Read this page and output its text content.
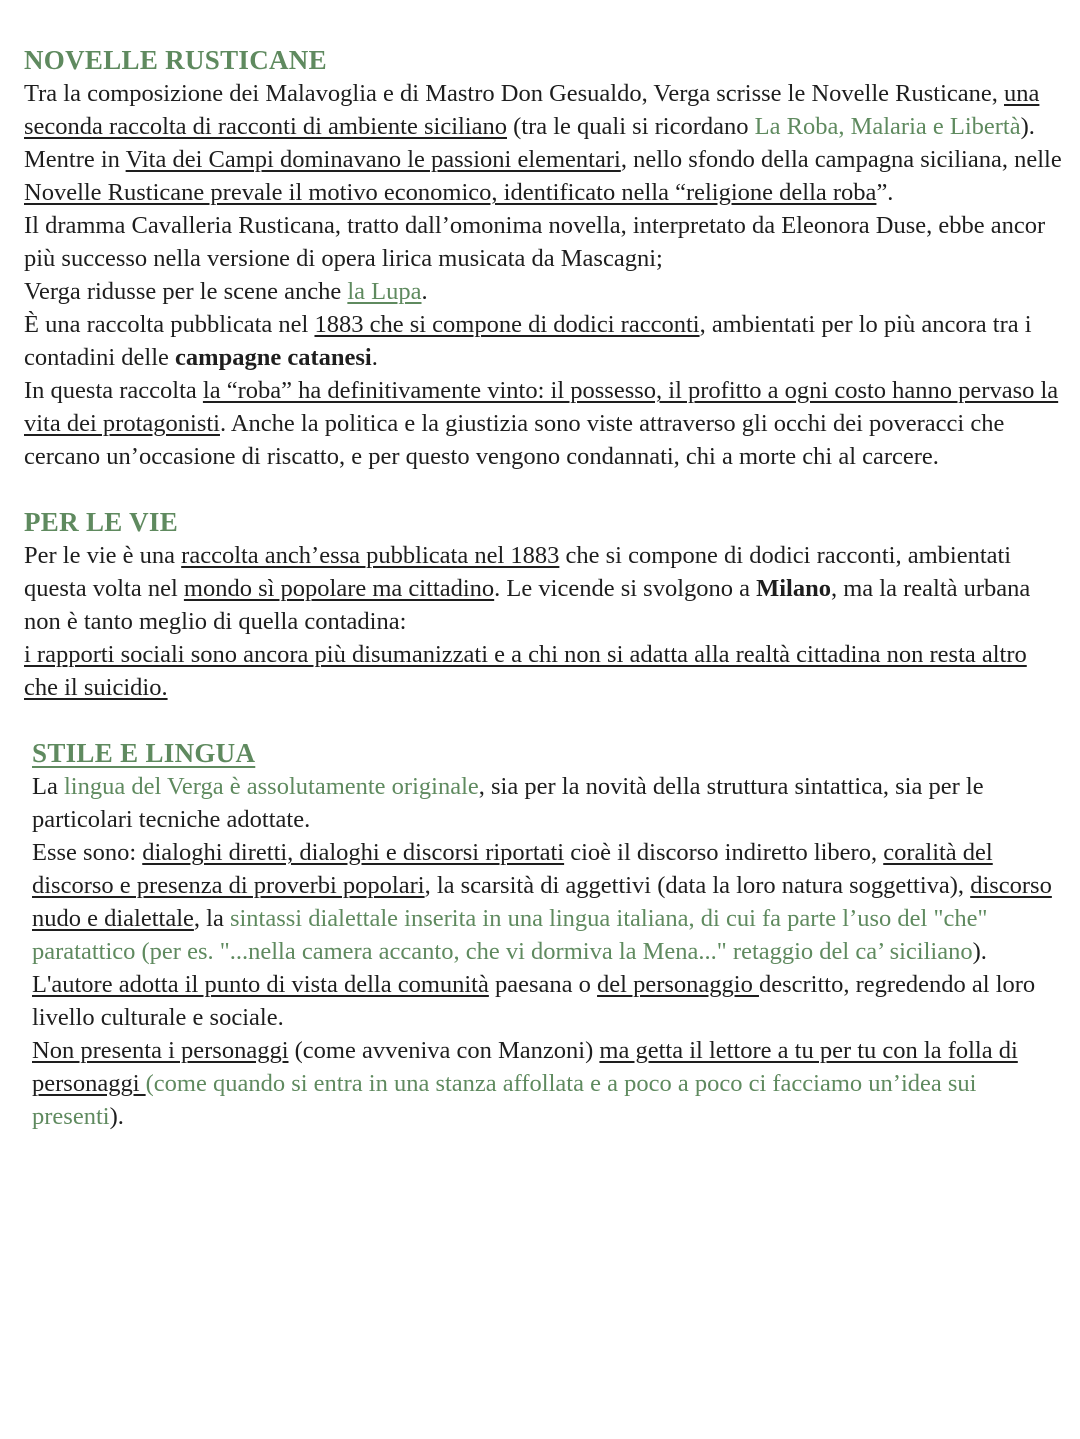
NOVELLE RUSTICANE
Tra la composizione dei Malavoglia e di Mastro Don Gesualdo, Verga scrisse le Novelle Rusticane, una seconda raccolta di racconti di ambiente siciliano (tra le quali si ricordano La Roba, Malaria e Libertà).
Mentre in Vita dei Campi dominavano le passioni elementari, nello sfondo della campagna siciliana, nelle Novelle Rusticane prevale il motivo economico, identificato nella “religione della roba”.
Il dramma Cavalleria Rusticana, tratto dall’omonima novella, interpretato da Eleonora Duse, ebbe ancor più successo nella versione di opera lirica musicata da Mascagni;
Verga ridusse per le scene anche la Lupa.
È una raccolta pubblicata nel 1883 che si compone di dodici racconti, ambientati per lo più ancora tra i contadini delle campagne catanesi.
In questa raccolta la “roba” ha definitivamente vinto: il possesso, il profitto a ogni costo hanno pervaso la vita dei protagonisti. Anche la politica e la giustizia sono viste attraverso gli occhi dei poveracci che cercano un’occasione di riscatto, e per questo vengono condannati, chi a morte chi al carcere.
PER LE VIE
Per le vie è una raccolta anch’essa pubblicata nel 1883 che si compone di dodici racconti, ambientati questa volta nel mondo sì popolare ma cittadino. Le vicende si svolgono a Milano, ma la realtà urbana non è tanto meglio di quella contadina:
i rapporti sociali sono ancora più disumanizzati e a chi non si adatta alla realtà cittadina non resta altro che il suicidio.
STILE E LINGUA
La lingua del Verga è assolutamente originale, sia per la novità della struttura sintattica, sia per le particolari tecniche adottate.
Esse sono: dialoghi diretti, dialoghi e discorsi riportati cioè il discorso indiretto libero, coralità del discorso e presenza di proverbi popolari, la scarsità di aggettivi (data la loro natura soggettiva), discorso nudo e dialettale, la sintassi dialettale inserita in una lingua italiana, di cui fa parte l’uso del "che" paratattico (per es. "...nella camera accanto, che vi dormiva la Mena..." retaggio del ca’ siciliano).
L'autore adotta il punto di vista della comunità paesana o del personaggio descritto, regredendo al loro livello culturale e sociale.
Non presenta i personaggi (come avveniva con Manzoni) ma getta il lettore a tu per tu con la folla di personaggi (come quando si entra in una stanza affollata e a poco a poco ci facciamo un’idea sui presenti).
